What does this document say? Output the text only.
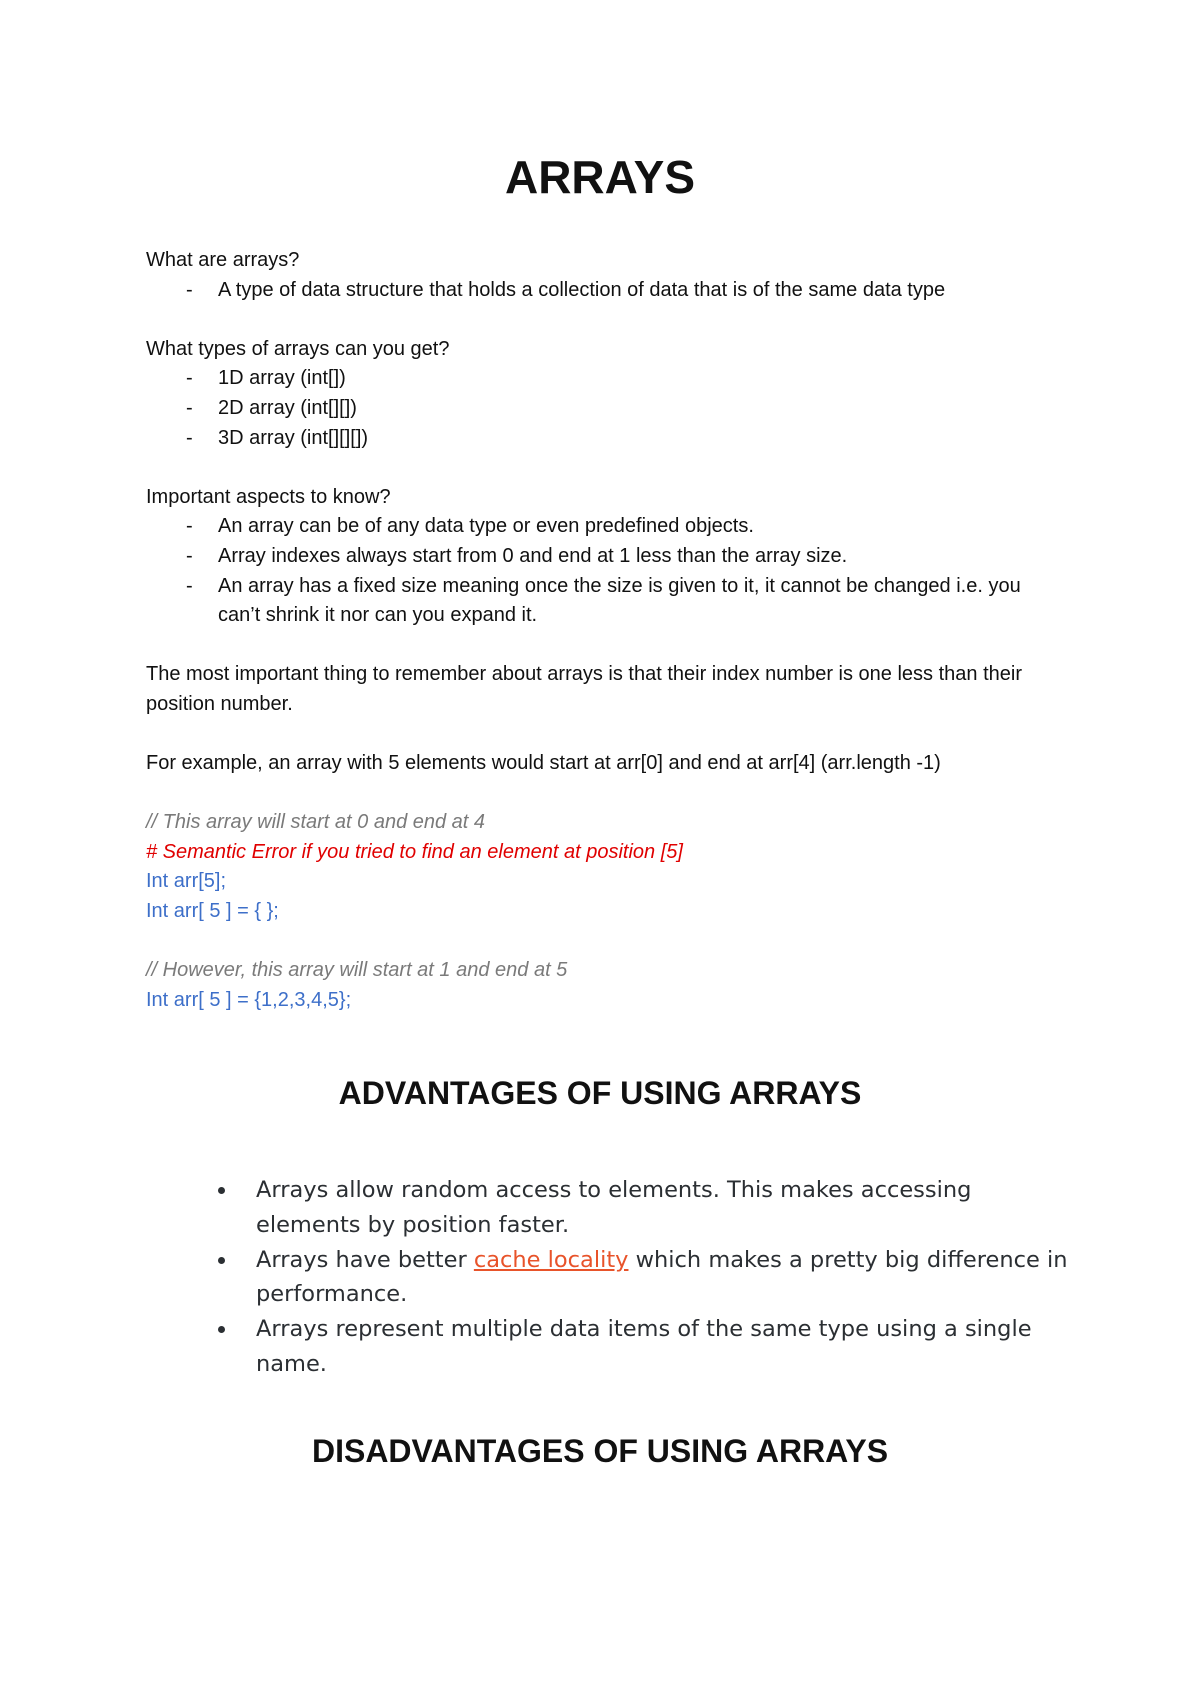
ARRAYS
What are arrays?
-	A type of data structure that holds a collection of data that is of the same data type
What types of arrays can you get?
-	1D array (int[])
-	2D array (int[][])
-	3D array (int[][][])
Important aspects to know?
-	An array can be of any data type or even predefined objects.
-	Array indexes always start from 0 and end at 1 less than the array size.
-	An array has a fixed size meaning once the size is given to it, it cannot be changed i.e. you can’t shrink it nor can you expand it.
The most important thing to remember about arrays is that their index number is one less than their position number.
For example, an array with 5 elements would start at arr[0] and end at arr[4] (arr.length -1)
// This array will start at 0 and end at 4
# Semantic Error if you tried to find an element at position [5]
Int arr[5];
Int arr[ 5 ] = { };
// However, this array will start at 1 and end at 5
Int arr[ 5 ] = {1,2,3,4,5};
ADVANTAGES OF USING ARRAYS
Arrays allow random access to elements. This makes accessing elements by position faster.
Arrays have better cache locality which makes a pretty big difference in performance.
Arrays represent multiple data items of the same type using a single name.
DISADVANTAGES OF USING ARRAYS
